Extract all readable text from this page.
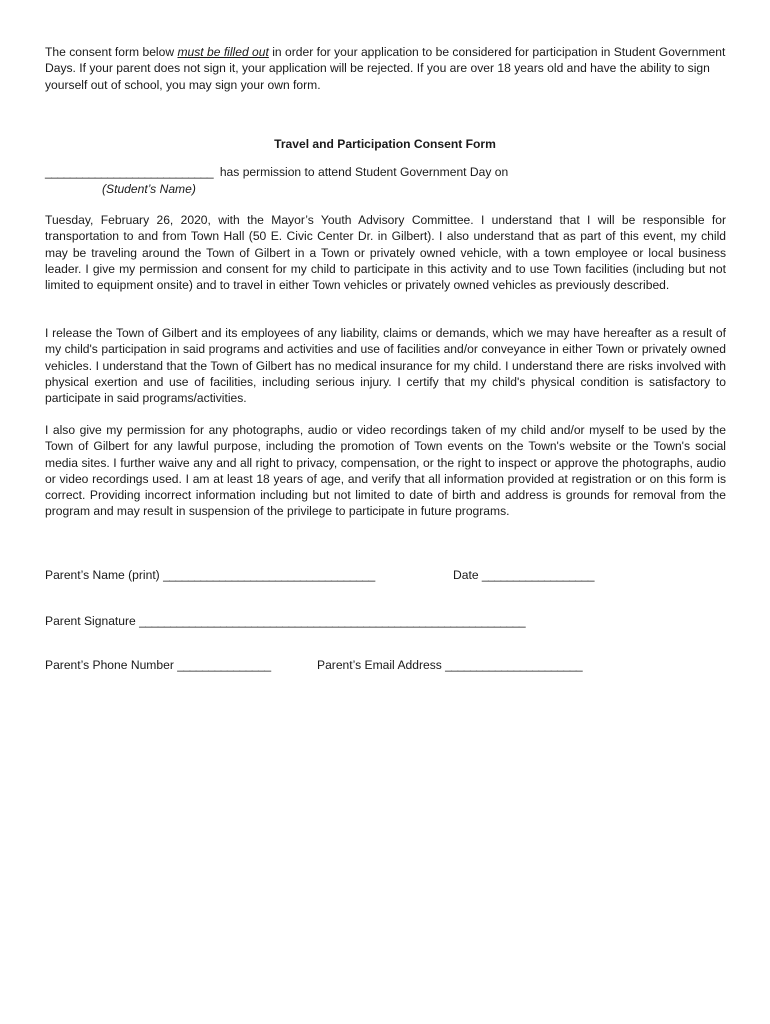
The consent form below must be filled out in order for your application to be considered for participation in Student Government Days. If your parent does not sign it, your application will be rejected. If you are over 18 years old and have the ability to sign yourself out of school, you may sign your own form.

Travel and Participation Consent Form

___________________________  has permission to attend Student Government Day on

(Student’s Name)

Tuesday, February 26, 2020, with the Mayor’s Youth Advisory Committee. I understand that I will be responsible for transportation to and from Town Hall (50 E. Civic Center Dr. in Gilbert). I also understand that as part of this event, my child may be traveling around the Town of Gilbert in a Town or privately owned vehicle, with a town employee or local business leader. I give my permission and consent for my child to participate in this activity and to use Town facilities (including but not limited to equipment onsite) and to travel in either Town vehicles or privately owned vehicles as previously described.

I release the Town of Gilbert and its employees of any liability, claims or demands, which we may have hereafter as a result of my child's participation in said programs and activities and use of facilities and/or conveyance in either Town or privately owned vehicles. I understand that the Town of Gilbert has no medical insurance for my child. I understand there are risks involved with physical exertion and use of facilities, including serious injury. I certify that my child's physical condition is satisfactory to participate in said programs/activities.

I also give my permission for any photographs, audio or video recordings taken of my child and/or myself to be used by the Town of Gilbert for any lawful purpose, including the promotion of Town events on the Town's website or the Town's social media sites. I further waive any and all right to privacy, compensation, or the right to inspect or approve the photographs, audio or video recordings used. I am at least 18 years of age, and verify that all information provided at registration or on this form is correct. Providing incorrect information including but not limited to date of birth and address is grounds for removal from the program and may result in suspension of the privilege to participate in future programs.

Parent’s Name (print) __________________________________	Date __________________

Parent Signature ______________________________________________________________

Parent’s Phone Number _______________	Parent’s Email Address ______________________
